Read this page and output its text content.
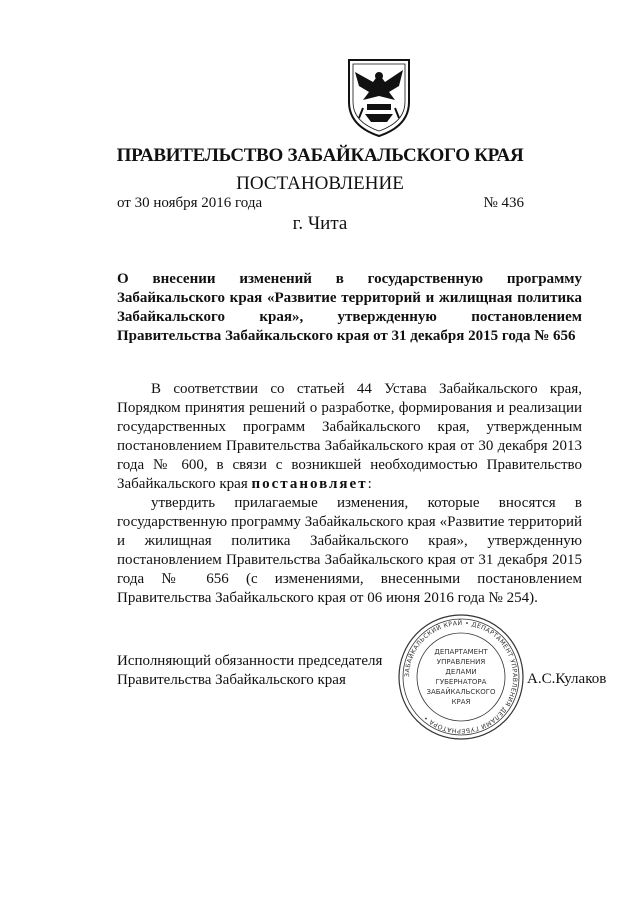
ПРАВИТЕЛЬСТВО ЗАБАЙКАЛЬСКОГО КРАЯ
ПОСТАНОВЛЕНИЕ
от 30 ноября 2016 года	№ 436
г. Чита
О внесении изменений в государственную программу Забайкальского края «Развитие территорий и жилищная политика Забайкальского края», утвержденную постановлением Правительства Забайкальского края от 31 декабря 2015 года № 656
В соответствии со статьей 44 Устава Забайкальского края, Порядком принятия решений о разработке, формирования и реализации государственных программ Забайкальского края, утвержденным постановлением Правительства Забайкальского края от 30 декабря 2013 года № 600, в связи с возникшей необходимостью Правительство Забайкальского края постановляет:
утвердить прилагаемые изменения, которые вносятся в государственную программу Забайкальского края «Развитие территорий и жилищная политика Забайкальского края», утвержденную постановлением Правительства Забайкальского края от 31 декабря 2015 года № 656 (с изменениями, внесенными постановлением Правительства Забайкальского края от 06 июня 2016 года № 254).
Исполняющий обязанности председателя
Правительства Забайкальского края	ЗАБАЙКАЛЬСКИЙ КРАЙ • ДЕПАРТАМЕНТ УПРАВЛЕНИЯ ДЕЛАМИ ГУБЕРНАТОРА •
ДЕПАРТАМЕНТ
УПРАВЛЕНИЯ
ДЕЛАМИ
ГУБЕРНАТОРА
ЗАБАЙКАЛЬСКОГО
КРАЯ
А.С.Кулаков
